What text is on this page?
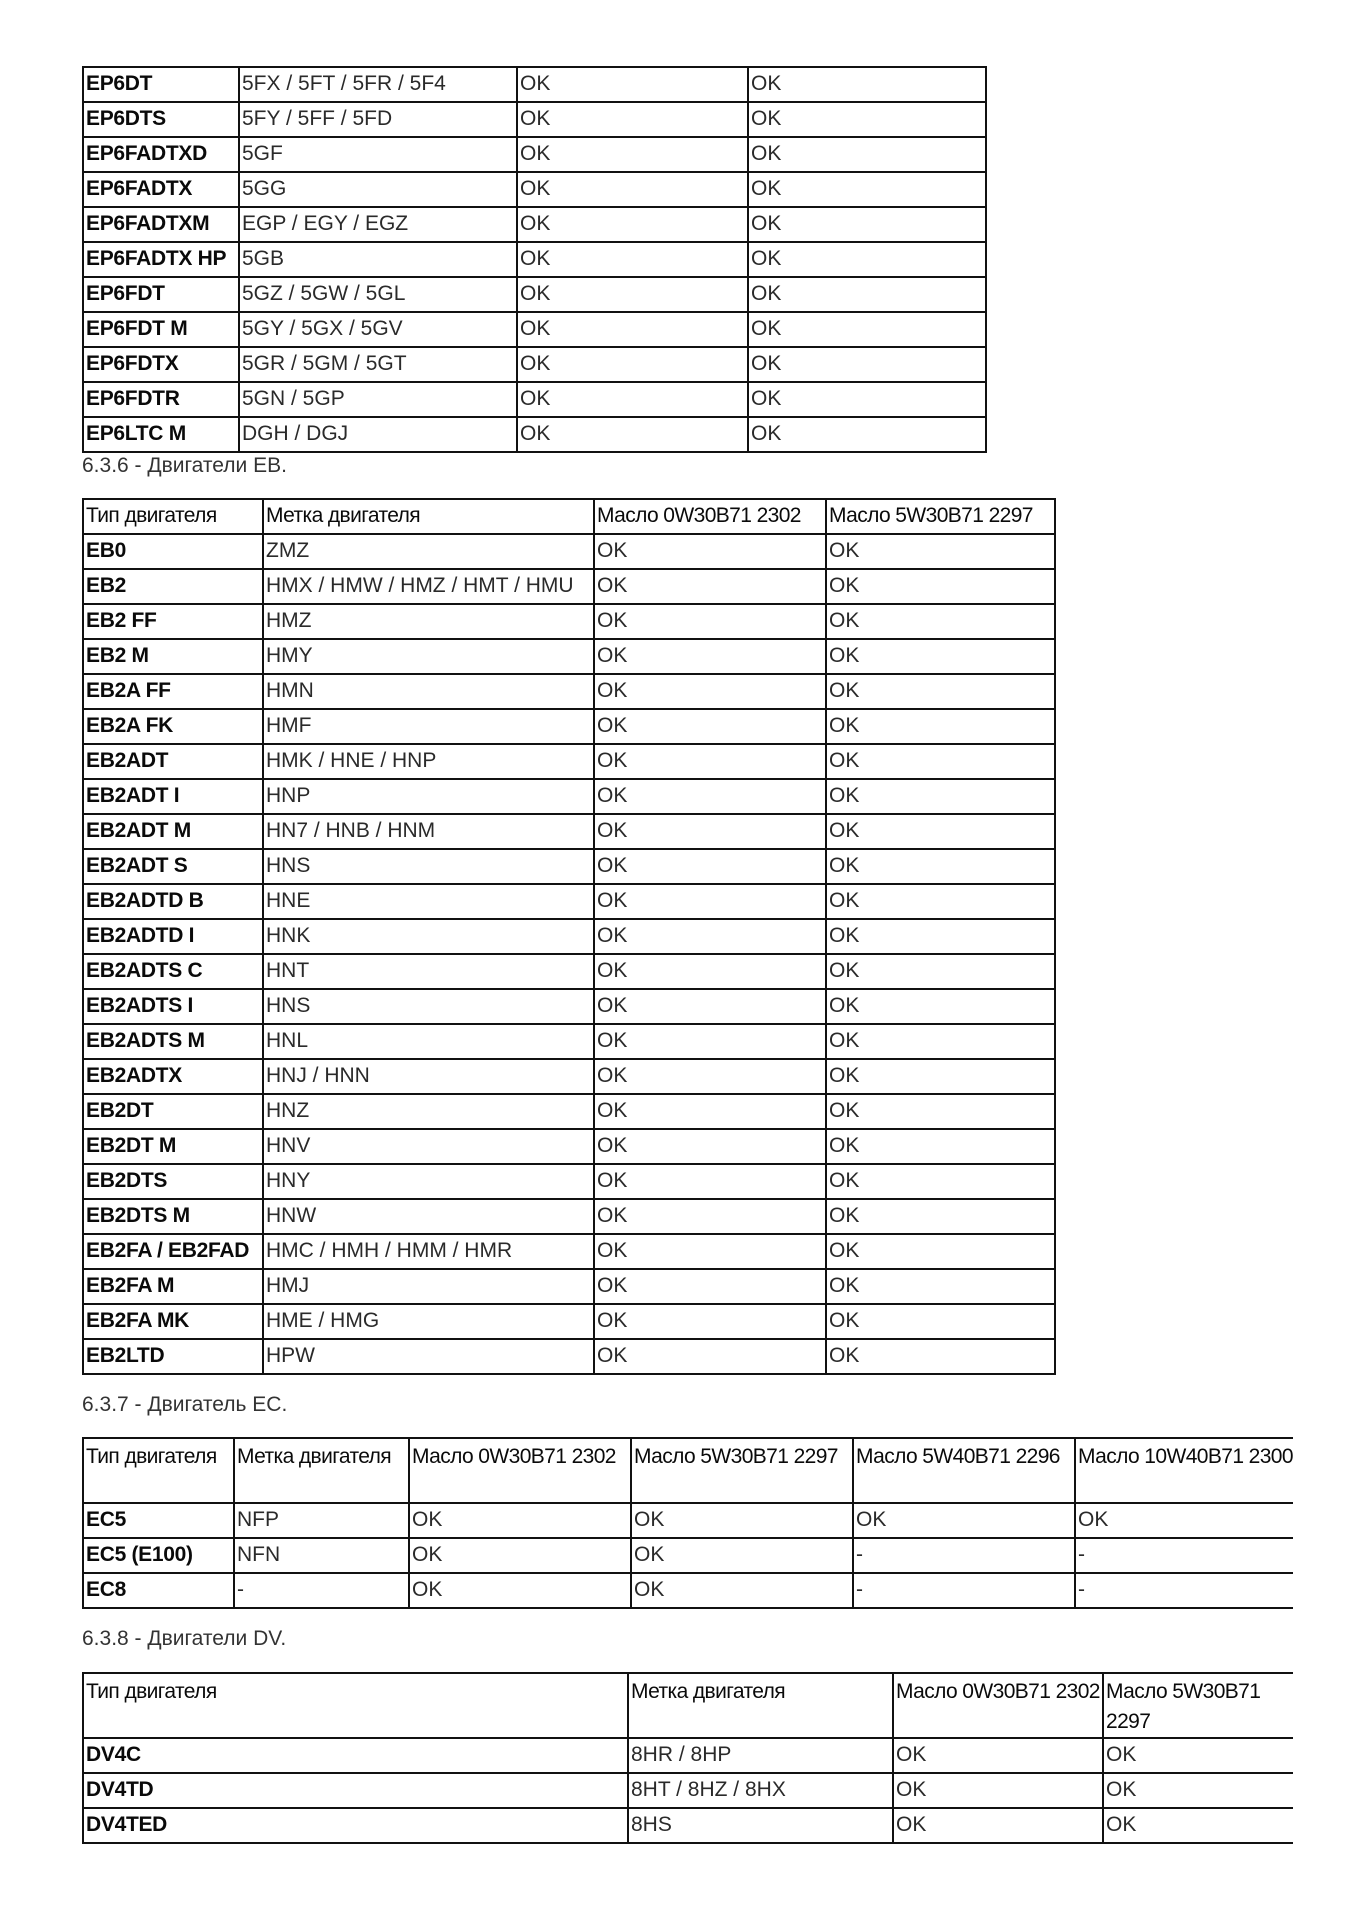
EP6DT	5FX / 5FT / 5FR / 5F4	OK	OK
EP6DTS	5FY / 5FF / 5FD	OK	OK
EP6FADTXD	5GF	OK	OK
EP6FADTX	5GG	OK	OK
EP6FADTXM	EGP / EGY / EGZ	OK	OK
EP6FADTX HP	5GB	OK	OK
EP6FDT	5GZ / 5GW / 5GL	OK	OK
EP6FDT M	5GY / 5GX / 5GV	OK	OK
EP6FDTX	5GR / 5GM / 5GT	OK	OK
EP6FDTR	5GN / 5GP	OK	OK
EP6LTC M	DGH / DGJ	OK	OK
6.3.6 - Двигатели EB.
Тип двигателя	Метка двигателя	Масло 0W30B71 2302	Масло 5W30B71 2297
EB0	ZMZ	OK	OK
EB2	HMX / HMW / HMZ / HMT / HMU	OK	OK
EB2 FF	HMZ	OK	OK
EB2 M	HMY	OK	OK
EB2A FF	HMN	OK	OK
EB2A FK	HMF	OK	OK
EB2ADT	HMK / HNE / HNP	OK	OK
EB2ADT I	HNP	OK	OK
EB2ADT M	HN7 / HNB / HNM	OK	OK
EB2ADT S	HNS	OK	OK
EB2ADTD B	HNE	OK	OK
EB2ADTD I	HNK	OK	OK
EB2ADTS C	HNT	OK	OK
EB2ADTS I	HNS	OK	OK
EB2ADTS M	HNL	OK	OK
EB2ADTX	HNJ / HNN	OK	OK
EB2DT	HNZ	OK	OK
EB2DT M	HNV	OK	OK
EB2DTS	HNY	OK	OK
EB2DTS M	HNW	OK	OK
EB2FA / EB2FAD	HMC / HMH / HMM / HMR	OK	OK
EB2FA M	HMJ	OK	OK
EB2FA MK	HME / HMG	OK	OK
EB2LTD	HPW	OK	OK
6.3.7 - Двигатель EC.
Тип двигателя	Метка двигателя	Масло 0W30B71 2302	Масло 5W30B71 2297	Масло 5W40B71 2296	Масло 10W40B71 2300
EC5	NFP	OK	OK	OK	OK
EC5 (E100)	NFN	OK	OK	-	-
EC8	-	OK	OK	-	-
6.3.8 - Двигатели DV.
Тип двигателя	Метка двигателя	Масло 0W30B71 2302	Масло 5W30B71 2297
DV4C	8HR / 8HP	OK	OK
DV4TD	8HT / 8HZ / 8HX	OK	OK
DV4TED	8HS	OK	OK
